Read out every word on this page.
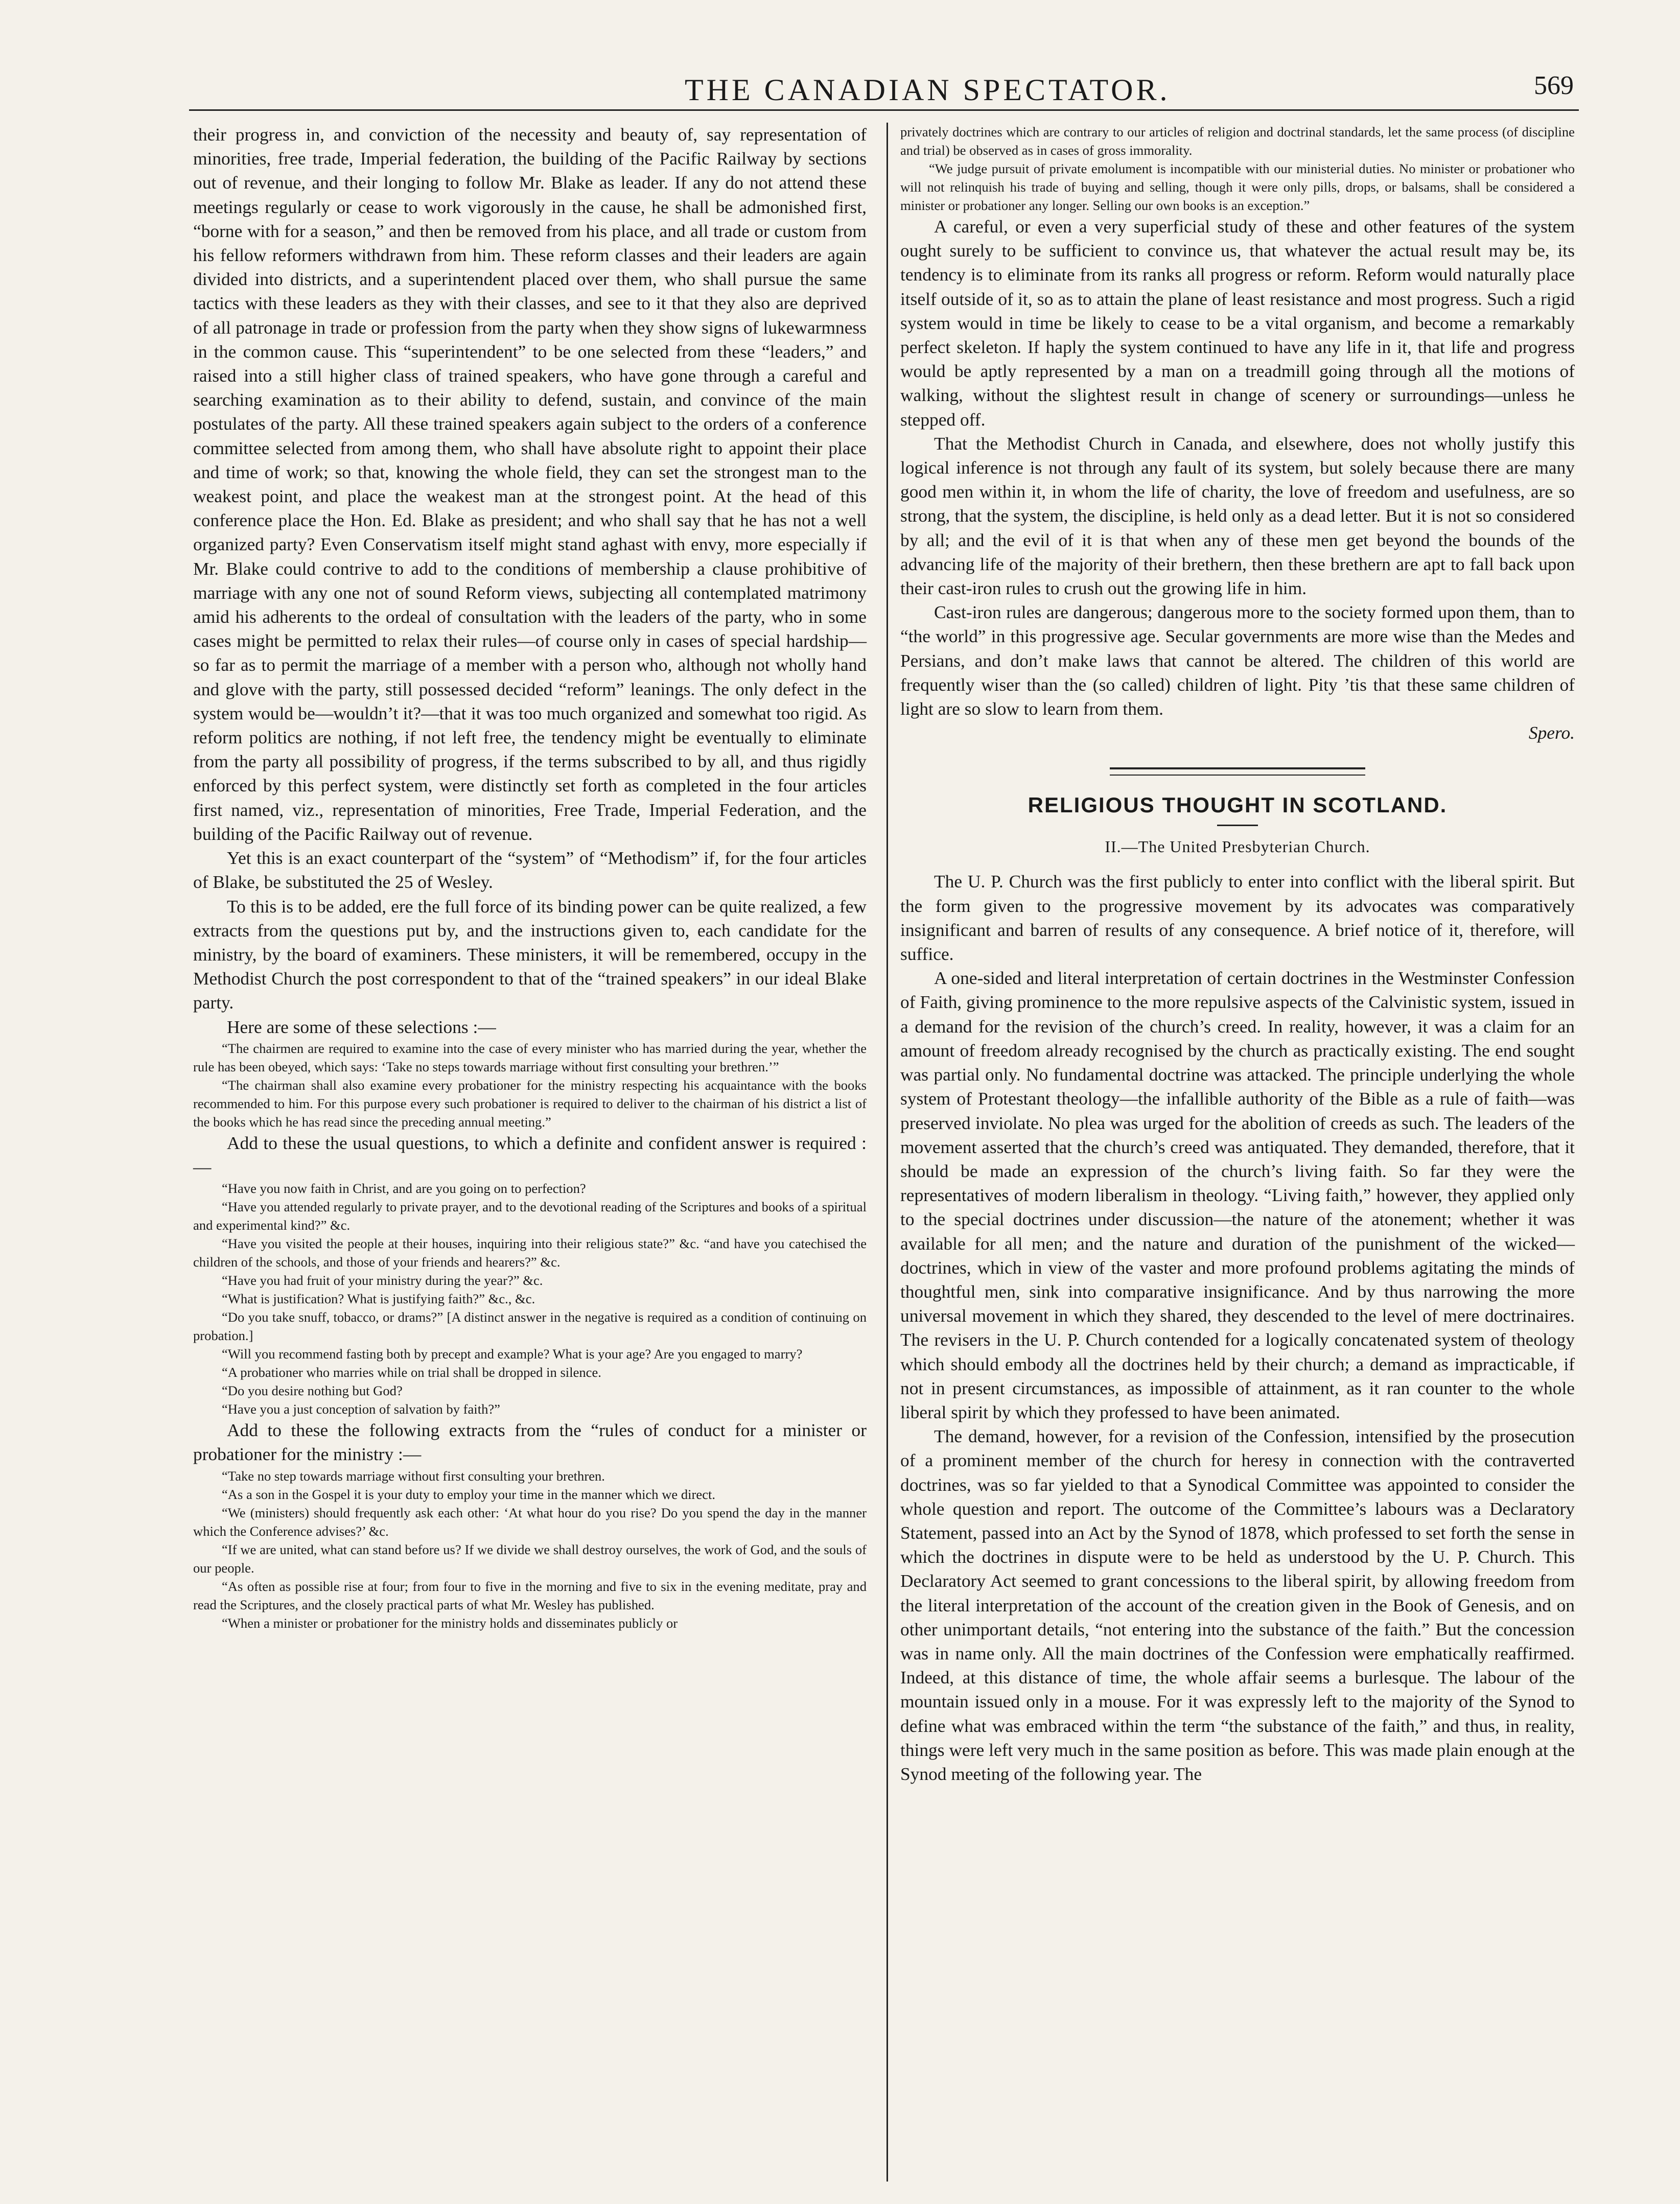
THE CANADIAN SPECTATOR.	569

their progress in, and conviction of the necessity and beauty of, say representation of minorities, free trade, Imperial federation, the building of the Pacific Railway by sections out of revenue, and their longing to follow Mr. Blake as leader. If any do not attend these meetings regularly or cease to work vigorously in the cause, he shall be admonished first, “borne with for a season,” and then be removed from his place, and all trade or custom from his fellow reformers withdrawn from him. These reform classes and their leaders are again divided into districts, and a superintendent placed over them, who shall pursue the same tactics with these leaders as they with their classes, and see to it that they also are deprived of all patronage in trade or profession from the party when they show signs of lukewarmness in the common cause. This “superintendent” to be one selected from these “leaders,” and raised into a still higher class of trained speakers, who have gone through a careful and searching examination as to their ability to defend, sustain, and convince of the main postulates of the party. All these trained speakers again subject to the orders of a conference committee selected from among them, who shall have absolute right to appoint their place and time of work; so that, knowing the whole field, they can set the strongest man to the weakest point, and place the weakest man at the strongest point. At the head of this conference place the Hon. Ed. Blake as president; and who shall say that he has not a well organized party? Even Conservatism itself might stand aghast with envy, more especially if Mr. Blake could contrive to add to the conditions of membership a clause prohibitive of marriage with any one not of sound Reform views, subjecting all contemplated matrimony amid his adherents to the ordeal of consultation with the leaders of the party, who in some cases might be permitted to relax their rules—of course only in cases of special hardship—so far as to permit the marriage of a member with a person who, although not wholly hand and glove with the party, still possessed decided “reform” leanings. The only defect in the system would be—wouldn’t it?—that it was too much organized and somewhat too rigid. As reform politics are nothing, if not left free, the tendency might be eventually to eliminate from the party all possibility of progress, if the terms subscribed to by all, and thus rigidly enforced by this perfect system, were distinctly set forth as completed in the four articles first named, viz., representation of minorities, Free Trade, Imperial Federation, and the building of the Pacific Railway out of revenue.

Yet this is an exact counterpart of the “system” of “Methodism” if, for the four articles of Blake, be substituted the 25 of Wesley.

To this is to be added, ere the full force of its binding power can be quite realized, a few extracts from the questions put by, and the instructions given to, each candidate for the ministry, by the board of examiners. These ministers, it will be remembered, occupy in the Methodist Church the post correspondent to that of the “trained speakers” in our ideal Blake party.

Here are some of these selections :—

“The chairmen are required to examine into the case of every minister who has married during the year, whether the rule has been obeyed, which says: ‘Take no steps towards marriage without first consulting your brethren.’”

“The chairman shall also examine every probationer for the ministry respecting his acquaintance with the books recommended to him. For this purpose every such probationer is required to deliver to the chairman of his district a list of the books which he has read since the preceding annual meeting.”

Add to these the usual questions, to which a definite and confident answer is required :—

“Have you now faith in Christ, and are you going on to perfection?

“Have you attended regularly to private prayer, and to the devotional reading of the Scriptures and books of a spiritual and experimental kind?” &c.

“Have you visited the people at their houses, inquiring into their religious state?” &c. “and have you catechised the children of the schools, and those of your friends and hearers?” &c.

“Have you had fruit of your ministry during the year?” &c.

“What is justification? What is justifying faith?” &c., &c.

“Do you take snuff, tobacco, or drams?” [A distinct answer in the negative is required as a condition of continuing on probation.]

“Will you recommend fasting both by precept and example? What is your age? Are you engaged to marry?

“A probationer who marries while on trial shall be dropped in silence.

“Do you desire nothing but God?

“Have you a just conception of salvation by faith?”

Add to these the following extracts from the “rules of conduct for a minister or probationer for the ministry :—

“Take no step towards marriage without first consulting your brethren.

“As a son in the Gospel it is your duty to employ your time in the manner which we direct.

“We (ministers) should frequently ask each other: ‘At what hour do you rise? Do you spend the day in the manner which the Conference advises?’ &c.

“If we are united, what can stand before us? If we divide we shall destroy ourselves, the work of God, and the souls of our people.

“As often as possible rise at four; from four to five in the morning and five to six in the evening meditate, pray and read the Scriptures, and the closely practical parts of what Mr. Wesley has published.

“When a minister or probationer for the ministry holds and disseminates publicly or

privately doctrines which are contrary to our articles of religion and doctrinal standards, let the same process (of discipline and trial) be observed as in cases of gross immorality.

“We judge pursuit of private emolument is incompatible with our ministerial duties. No minister or probationer who will not relinquish his trade of buying and selling, though it were only pills, drops, or balsams, shall be considered a minister or probationer any longer. Selling our own books is an exception.”

A careful, or even a very superficial study of these and other features of the system ought surely to be sufficient to convince us, that whatever the actual result may be, its tendency is to eliminate from its ranks all progress or reform. Reform would naturally place itself outside of it, so as to attain the plane of least resistance and most progress. Such a rigid system would in time be likely to cease to be a vital organism, and become a remarkably perfect skeleton. If haply the system continued to have any life in it, that life and progress would be aptly represented by a man on a treadmill going through all the motions of walking, without the slightest result in change of scenery or surroundings—unless he stepped off.

That the Methodist Church in Canada, and elsewhere, does not wholly justify this logical inference is not through any fault of its system, but solely because there are many good men within it, in whom the life of charity, the love of freedom and usefulness, are so strong, that the system, the discipline, is held only as a dead letter. But it is not so considered by all; and the evil of it is that when any of these men get beyond the bounds of the advancing life of the majority of their brethern, then these brethern are apt to fall back upon their cast-iron rules to crush out the growing life in him.

Cast-iron rules are dangerous; dangerous more to the society formed upon them, than to “the world” in this progressive age. Secular governments are more wise than the Medes and Persians, and don’t make laws that cannot be altered. The children of this world are frequently wiser than the (so called) children of light. Pity ’tis that these same children of light are so slow to learn from them.

Spero.

RELIGIOUS THOUGHT IN SCOTLAND.

II.—The United Presbyterian Church.

The U. P. Church was the first publicly to enter into conflict with the liberal spirit. But the form given to the progressive movement by its advocates was comparatively insignificant and barren of results of any consequence. A brief notice of it, therefore, will suffice.

A one-sided and literal interpretation of certain doctrines in the Westminster Confession of Faith, giving prominence to the more repulsive aspects of the Calvinistic system, issued in a demand for the revision of the church’s creed. In reality, however, it was a claim for an amount of freedom already recognised by the church as practically existing. The end sought was partial only. No fundamental doctrine was attacked. The principle underlying the whole system of Protestant theology—the infallible authority of the Bible as a rule of faith—was preserved inviolate. No plea was urged for the abolition of creeds as such. The leaders of the movement asserted that the church’s creed was antiquated. They demanded, therefore, that it should be made an expression of the church’s living faith. So far they were the representatives of modern liberalism in theology. “Living faith,” however, they applied only to the special doctrines under discussion—the nature of the atonement; whether it was available for all men; and the nature and duration of the punishment of the wicked—doctrines, which in view of the vaster and more profound problems agitating the minds of thoughtful men, sink into comparative insignificance. And by thus narrowing the more universal movement in which they shared, they descended to the level of mere doctrinaires. The revisers in the U. P. Church contended for a logically concatenated system of theology which should embody all the doctrines held by their church; a demand as impracticable, if not in present circumstances, as impossible of attainment, as it ran counter to the whole liberal spirit by which they professed to have been animated.

The demand, however, for a revision of the Confession, intensified by the prosecution of a prominent member of the church for heresy in connection with the contraverted doctrines, was so far yielded to that a Synodical Committee was appointed to consider the whole question and report. The outcome of the Committee’s labours was a Declaratory Statement, passed into an Act by the Synod of 1878, which professed to set forth the sense in which the doctrines in dispute were to be held as understood by the U. P. Church. This Declaratory Act seemed to grant concessions to the liberal spirit, by allowing freedom from the literal interpretation of the account of the creation given in the Book of Genesis, and on other unimportant details, “not entering into the substance of the faith.” But the concession was in name only. All the main doctrines of the Confession were emphatically reaffirmed. Indeed, at this distance of time, the whole affair seems a burlesque. The labour of the mountain issued only in a mouse. For it was expressly left to the majority of the Synod to define what was embraced within the term “the substance of the faith,” and thus, in reality, things were left very much in the same position as before. This was made plain enough at the Synod meeting of the following year. The
